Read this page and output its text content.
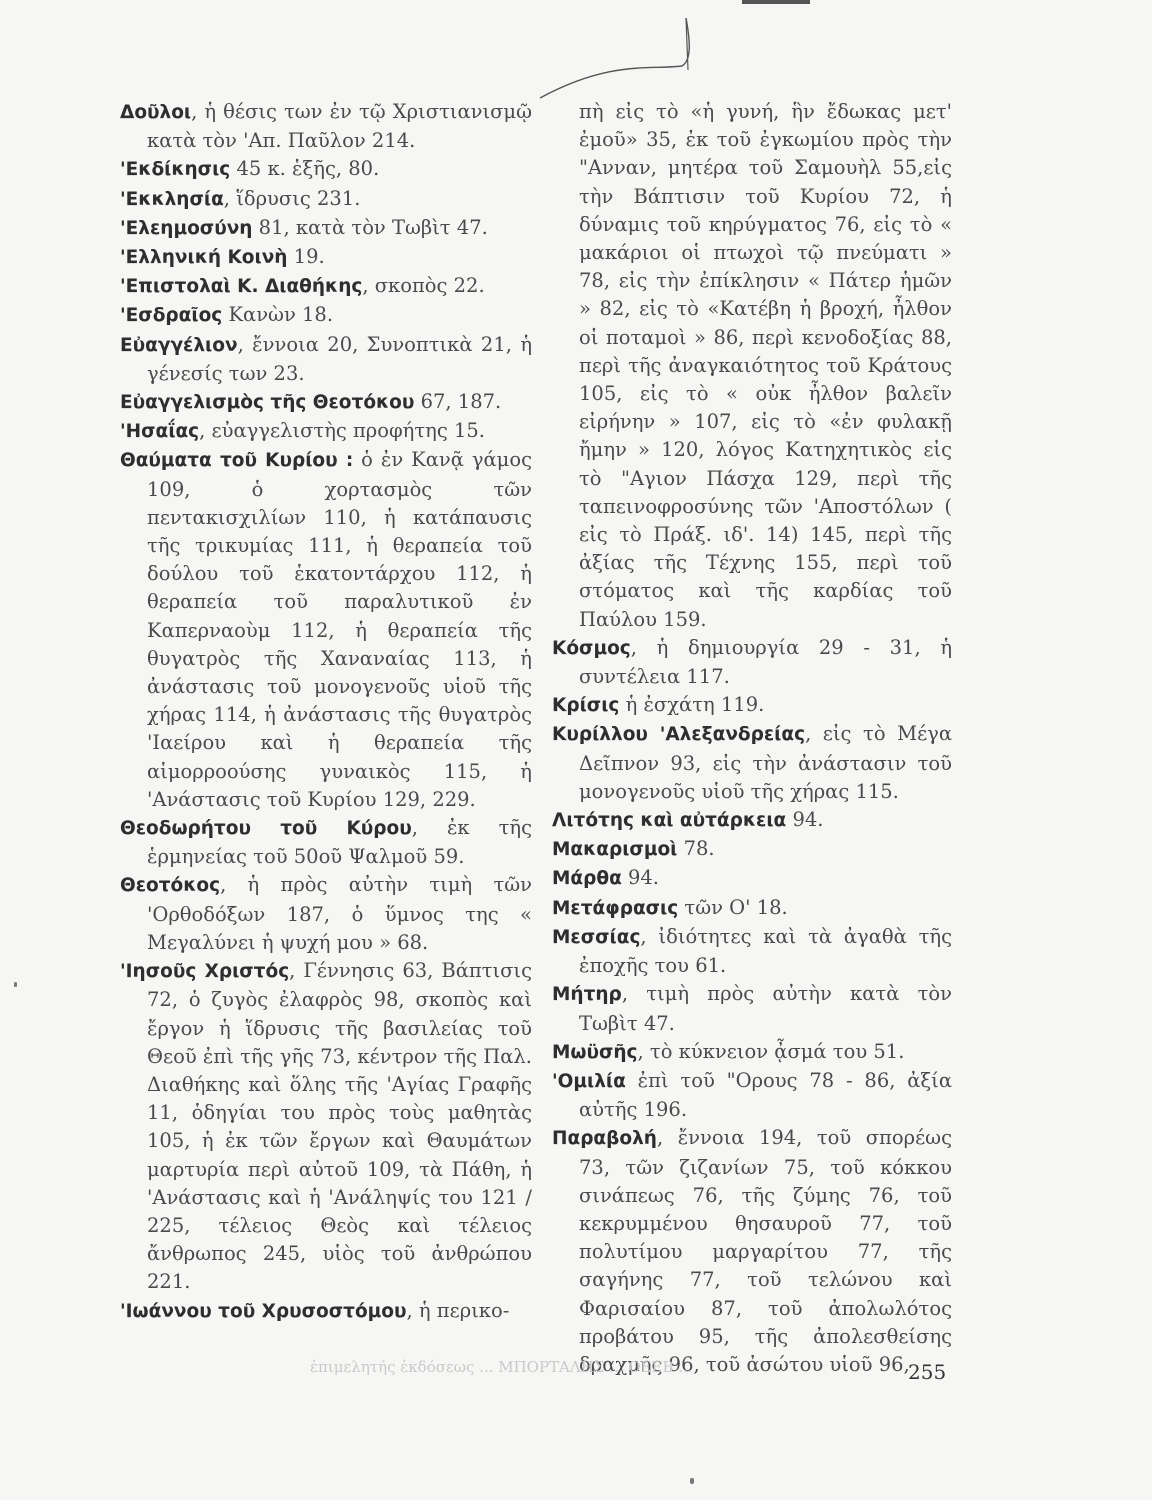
Δοῦλοι, ἡ θέσις των ἐν τῷ Χριστιανισμῷ κατὰ τὸν 'Απ. Παῦλον 214.

'Εκδίκησις 45 κ. ἑξῆς, 80.

'Εκκλησία, ἵδρυσις 231.

'Ελεημοσύνη 81, κατὰ τὸν Τωβὶτ 47.

'Ελληνική Κοινὴ 19.

'Επιστολαὶ Κ. Διαθήκης, σκοπὸς 22.

'Εσδραῖος Κανὼν 18.

Εὐαγγέλιον, ἔννοια 20, Συνοπτικὰ 21, ἡ γένεσίς των 23.

Εὐαγγελισμὸς τῆς Θεοτόκου 67, 187.

'Ησαΐας, εὐαγγελιστὴς προφήτης 15.

Θαύματα τοῦ Κυρίου : ὁ ἐν Κανᾷ γάμος 109, ὁ χορτασμὸς τῶν πεντακισχιλίων 110, ἡ κατάπαυσις τῆς τρικυμίας 111, ἡ θεραπεία τοῦ δούλου τοῦ ἑκατοντάρχου 112, ἡ θεραπεία τοῦ παραλυτικοῦ ἐν Καπερναοὺμ 112, ἡ θεραπεία τῆς θυγατρὸς τῆς Χαναναίας 113, ἡ ἀνάστασις τοῦ μονογενοῦς υἱοῦ τῆς χήρας 114, ἡ ἀνάστασις τῆς θυγατρὸς 'Ιαείρου καὶ ἡ θεραπεία τῆς αἱμορροούσης γυναικὸς 115, ἡ 'Ανάστασις τοῦ Κυρίου 129, 229.

Θεοδωρήτου τοῦ Κύρου, ἐκ τῆς ἑρμηνείας τοῦ 50οῦ Ψαλμοῦ 59.

Θεοτόκος, ἡ πρὸς αὐτὴν τιμὴ τῶν 'Ορθοδόξων 187, ὁ ὕμνος της « Μεγαλύνει ἡ ψυχή μου » 68.

'Ιησοῦς Χριστός, Γέννησις 63, Βάπτισις 72, ὁ ζυγὸς ἐλαφρὸς 98, σκοπὸς καὶ ἔργον ἡ ἵδρυσις τῆς βασιλείας τοῦ Θεοῦ ἐπὶ τῆς γῆς 73, κέντρον τῆς Παλ. Διαθήκης καὶ ὅλης τῆς 'Αγίας Γραφῆς 11, ὁδηγίαι του πρὸς τοὺς μαθητὰς 105, ἡ ἐκ τῶν ἔργων καὶ Θαυμάτων μαρτυρία περὶ αὐτοῦ 109, τὰ Πάθη, ἡ 'Ανάστασις καὶ ἡ 'Ανάληψίς του 121 / 225, τέλειος Θεὸς καὶ τέλειος ἄνθρωπος 245, υἱὸς τοῦ ἀνθρώπου 221.

'Ιωάννου τοῦ Χρυσοστόμου, ἡ περικο-

πὴ εἰς τὸ «ἡ γυνή, ἣν ἔδωκας μετ' ἐμοῦ» 35, ἐκ τοῦ ἐγκωμίου πρὸς τὴν "Ανναν, μητέρα τοῦ Σαμουὴλ 55,εἰς τὴν Βάπτισιν τοῦ Κυρίου 72, ἡ δύναμις τοῦ κηρύγματος 76, εἰς τὸ « μακάριοι οἱ πτωχοὶ τῷ πνεύματι » 78, εἰς τὴν ἐπίκλησιν « Πάτερ ἡμῶν » 82, εἰς τὸ «Κατέβη ἡ βροχή, ἦλθον οἱ ποταμοὶ » 86, περὶ κενοδοξίας 88, περὶ τῆς ἀναγκαιότητος τοῦ Κράτους 105, εἰς τὸ « οὐκ ἦλθον βαλεῖν εἰρήνην » 107, εἰς τὸ «ἐν φυλακῇ ἤμην » 120, λόγος Κατηχητικὸς εἰς τὸ "Αγιον Πάσχα 129, περὶ τῆς ταπεινοφροσύνης τῶν 'Αποστόλων ( εἰς τὸ Πράξ. ιδ'. 14) 145, περὶ τῆς ἀξίας τῆς Τέχνης 155, περὶ τοῦ στόματος καὶ τῆς καρδίας τοῦ Παύλου 159.

Κόσμος, ἡ δημιουργία 29 - 31, ἡ συντέλεια 117.

Κρίσις ἡ ἐσχάτη 119.

Κυρίλλου 'Αλεξανδρείας, εἰς τὸ Μέγα Δεῖπνον 93, εἰς τὴν ἀνάστασιν τοῦ μονογενοῦς υἱοῦ τῆς χήρας 115.

Λιτότης καὶ αὐτάρκεια 94.

Μακαρισμοὶ 78.

Μάρθα 94.

Μετάφρασις τῶν Ο' 18.

Μεσσίας, ἰδιότητες καὶ τὰ ἀγαθὰ τῆς ἐποχῆς του 61.

Μήτηρ, τιμὴ πρὸς αὐτὴν κατὰ τὸν Τωβὶτ 47.

Μωϋσῆς, τὸ κύκνειον ᾆσμά του 51.

'Ομιλία ἐπὶ τοῦ "Ορους 78 - 86, ἀξία αὐτῆς 196.

Παραβολή, ἔννοια 194, τοῦ σπορέως 73, τῶν ζιζανίων 75, τοῦ κόκκου σινάπεως 76, τῆς ζύμης 76, τοῦ κεκρυμμένου θησαυροῦ 77, τοῦ πολυτίμου μαργαρίτου 77, τῆς σαγήνης 77, τοῦ τελώνου καὶ Φαρισαίου 87, τοῦ ἀπολωλότος προβάτου 95, τῆς ἀπολεσθείσης δραχμῆς 96, τοῦ ἀσώτου υἱοῦ 96,

ἐπιμελητής ἐκδόσεως ... ΜΠΟΡΤΑΛΗΣ ... ΟΕΕΒ ...	255
